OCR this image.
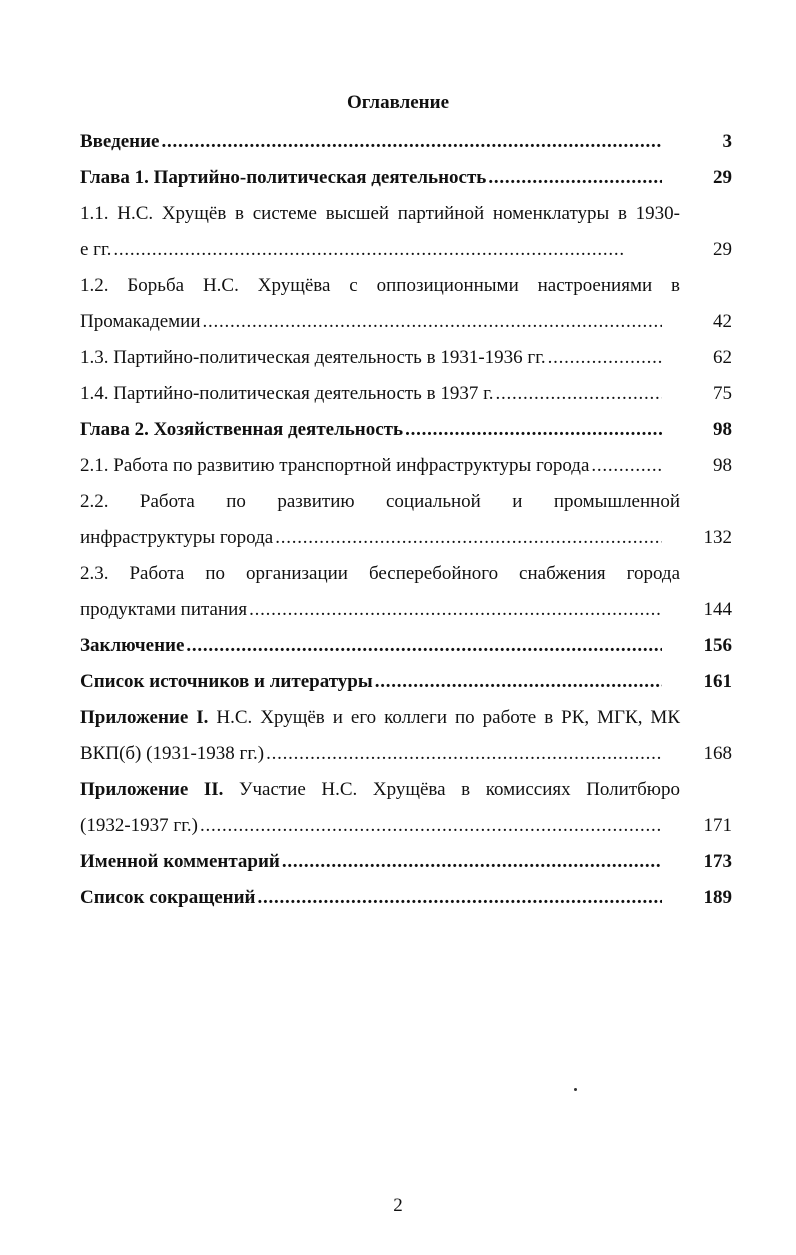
Оглавление
Введение . . .	3
Глава 1. Партийно-политическая деятельность . . .	29
1.1. Н.С. Хрущёв в системе высшей партийной номенклатуры в 1930-
е гг. . . .	29
1.2. Борьба Н.С. Хрущёва с оппозиционными настроениями в
Промакадемии . . .	42
1.3. Партийно-политическая деятельность в 1931-1936 гг. . . .	62
1.4. Партийно-политическая деятельность в 1937 г. . . .	75
Глава 2. Хозяйственная деятельность . . .	98
2.1. Работа по развитию транспортной инфраструктуры города . . .	98
2.2. Работа по развитию социальной и промышленной
инфраструктуры города . . .	132
2.3. Работа по организации бесперебойного снабжения города
продуктами питания . . .	144
Заключение . . .	156
Список источников и литературы . . .	161
Приложение I. Н.С. Хрущёв и его коллеги по работе в РК, МГК, МК
ВКП(б) (1931-1938 гг.) . . .	168
Приложение II. Участие Н.С. Хрущёва в комиссиях Политбюро
(1932-1937 гг.) . . .	171
Именной комментарий . . .	173
Список сокращений . . .	189
2
